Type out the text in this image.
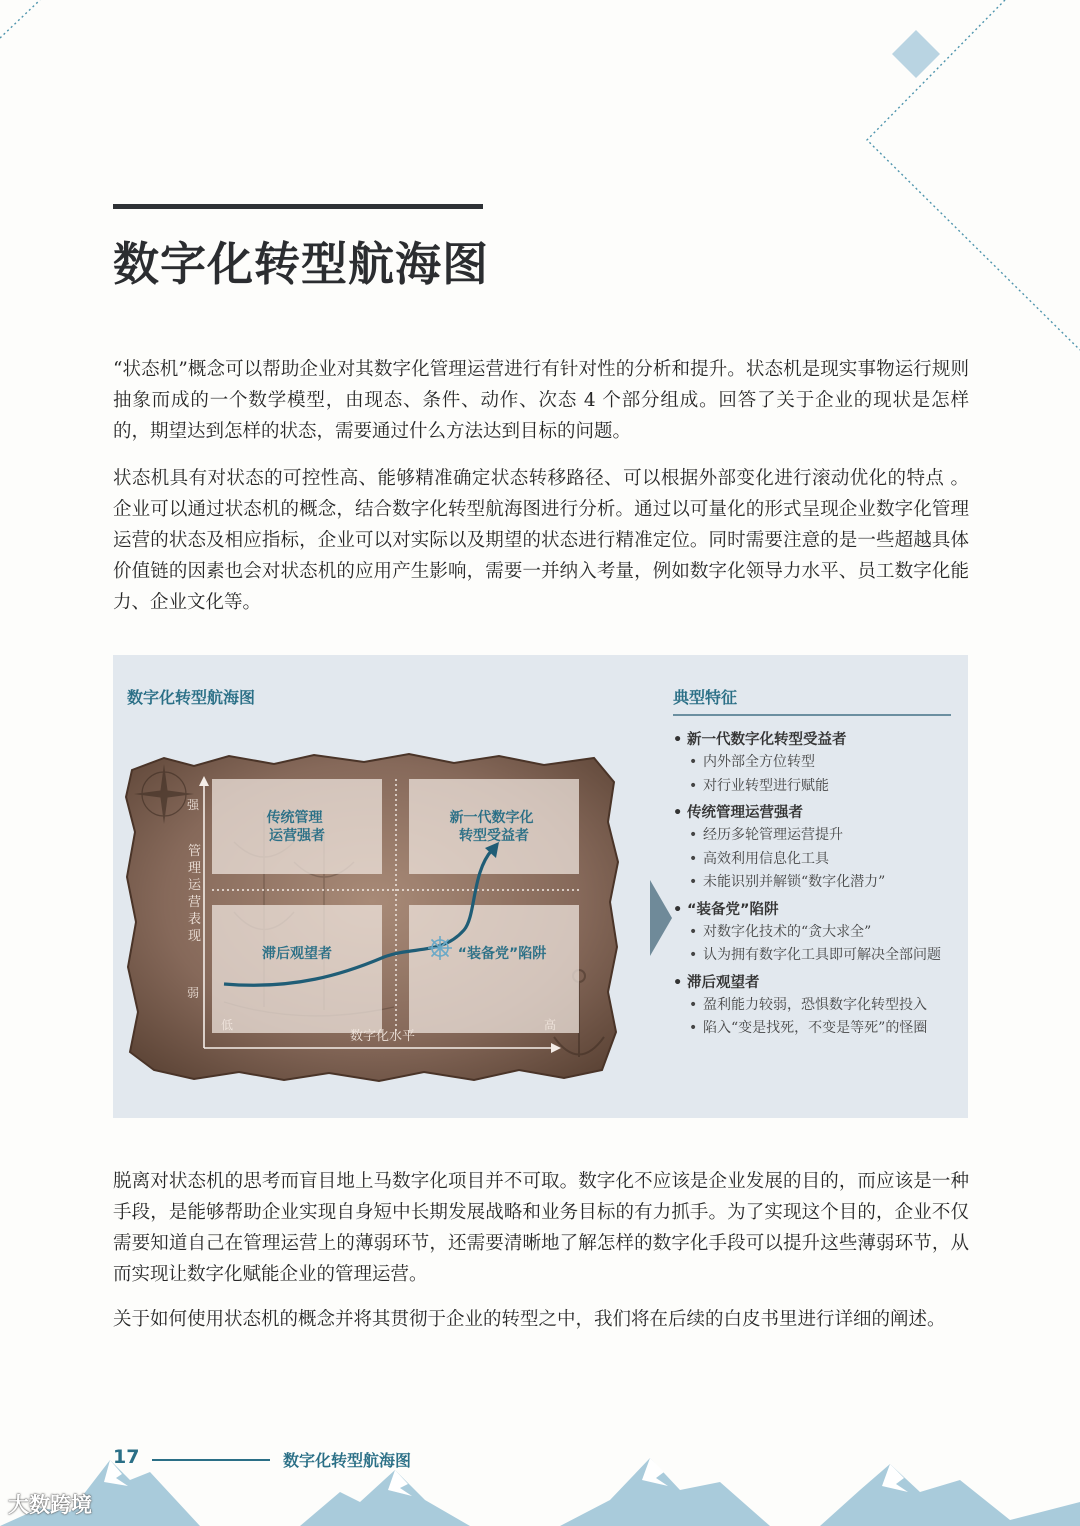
数字化转型航海图

“状态机”概念可以帮助企业对其数字化管理运营进行有针对性的分析和提升。状态机是现实事物运行规则抽象而成的一个数学模型，由现态、条件、动作、次态 4 个部分组成。回答了关于企业的现状是怎样的，期望达到怎样的状态，需要通过什么方法达到目标的问题。

状态机具有对状态的可控性高、能够精准确定状态转移路径、可以根据外部变化进行滚动优化的特点 。企业可以通过状态机的概念，结合数字化转型航海图进行分析。通过以可量化的形式呈现企业数字化管理运营的状态及相应指标，企业可以对实际以及期望的状态进行精准定位。同时需要注意的是一些超越具体价值链的因素也会对状态机的应用产生影响，需要一并纳入考量，例如数字化领导力水平、员工数字化能力、企业文化等。

数字化转型航海图	典型特征
强
弱
管理运营表现
低	高
数字化水平
传统管理 运营强者
新一代数字化 转型受益者
滞后观望者	“装备党”陷阱
• 新一代数字化转型受益者
• 内外部全方位转型
• 对行业转型进行赋能
• 传统管理运营强者
• 经历多轮管理运营提升
• 高效利用信息化工具
• 未能识别并解锁“数字化潜力”
• “装备党”陷阱
• 对数字化技术的“贪大求全”
• 认为拥有数字化工具即可解决全部问题
• 滞后观望者
• 盈利能力较弱，恐惧数字化转型投入
• 陷入“变是找死，不变是等死”的怪圈

脱离对状态机的思考而盲目地上马数字化项目并不可取。数字化不应该是企业发展的目的，而应该是一种手段，是能够帮助企业实现自身短中长期发展战略和业务目标的有力抓手。为了实现这个目的，企业不仅需要知道自己在管理运营上的薄弱环节，还需要清晰地了解怎样的数字化手段可以提升这些薄弱环节，从而实现让数字化赋能企业的管理运营。

关于如何使用状态机的概念并将其贯彻于企业的转型之中，我们将在后续的白皮书里进行详细的阐述。

17	数字化转型航海图
大数跨境
